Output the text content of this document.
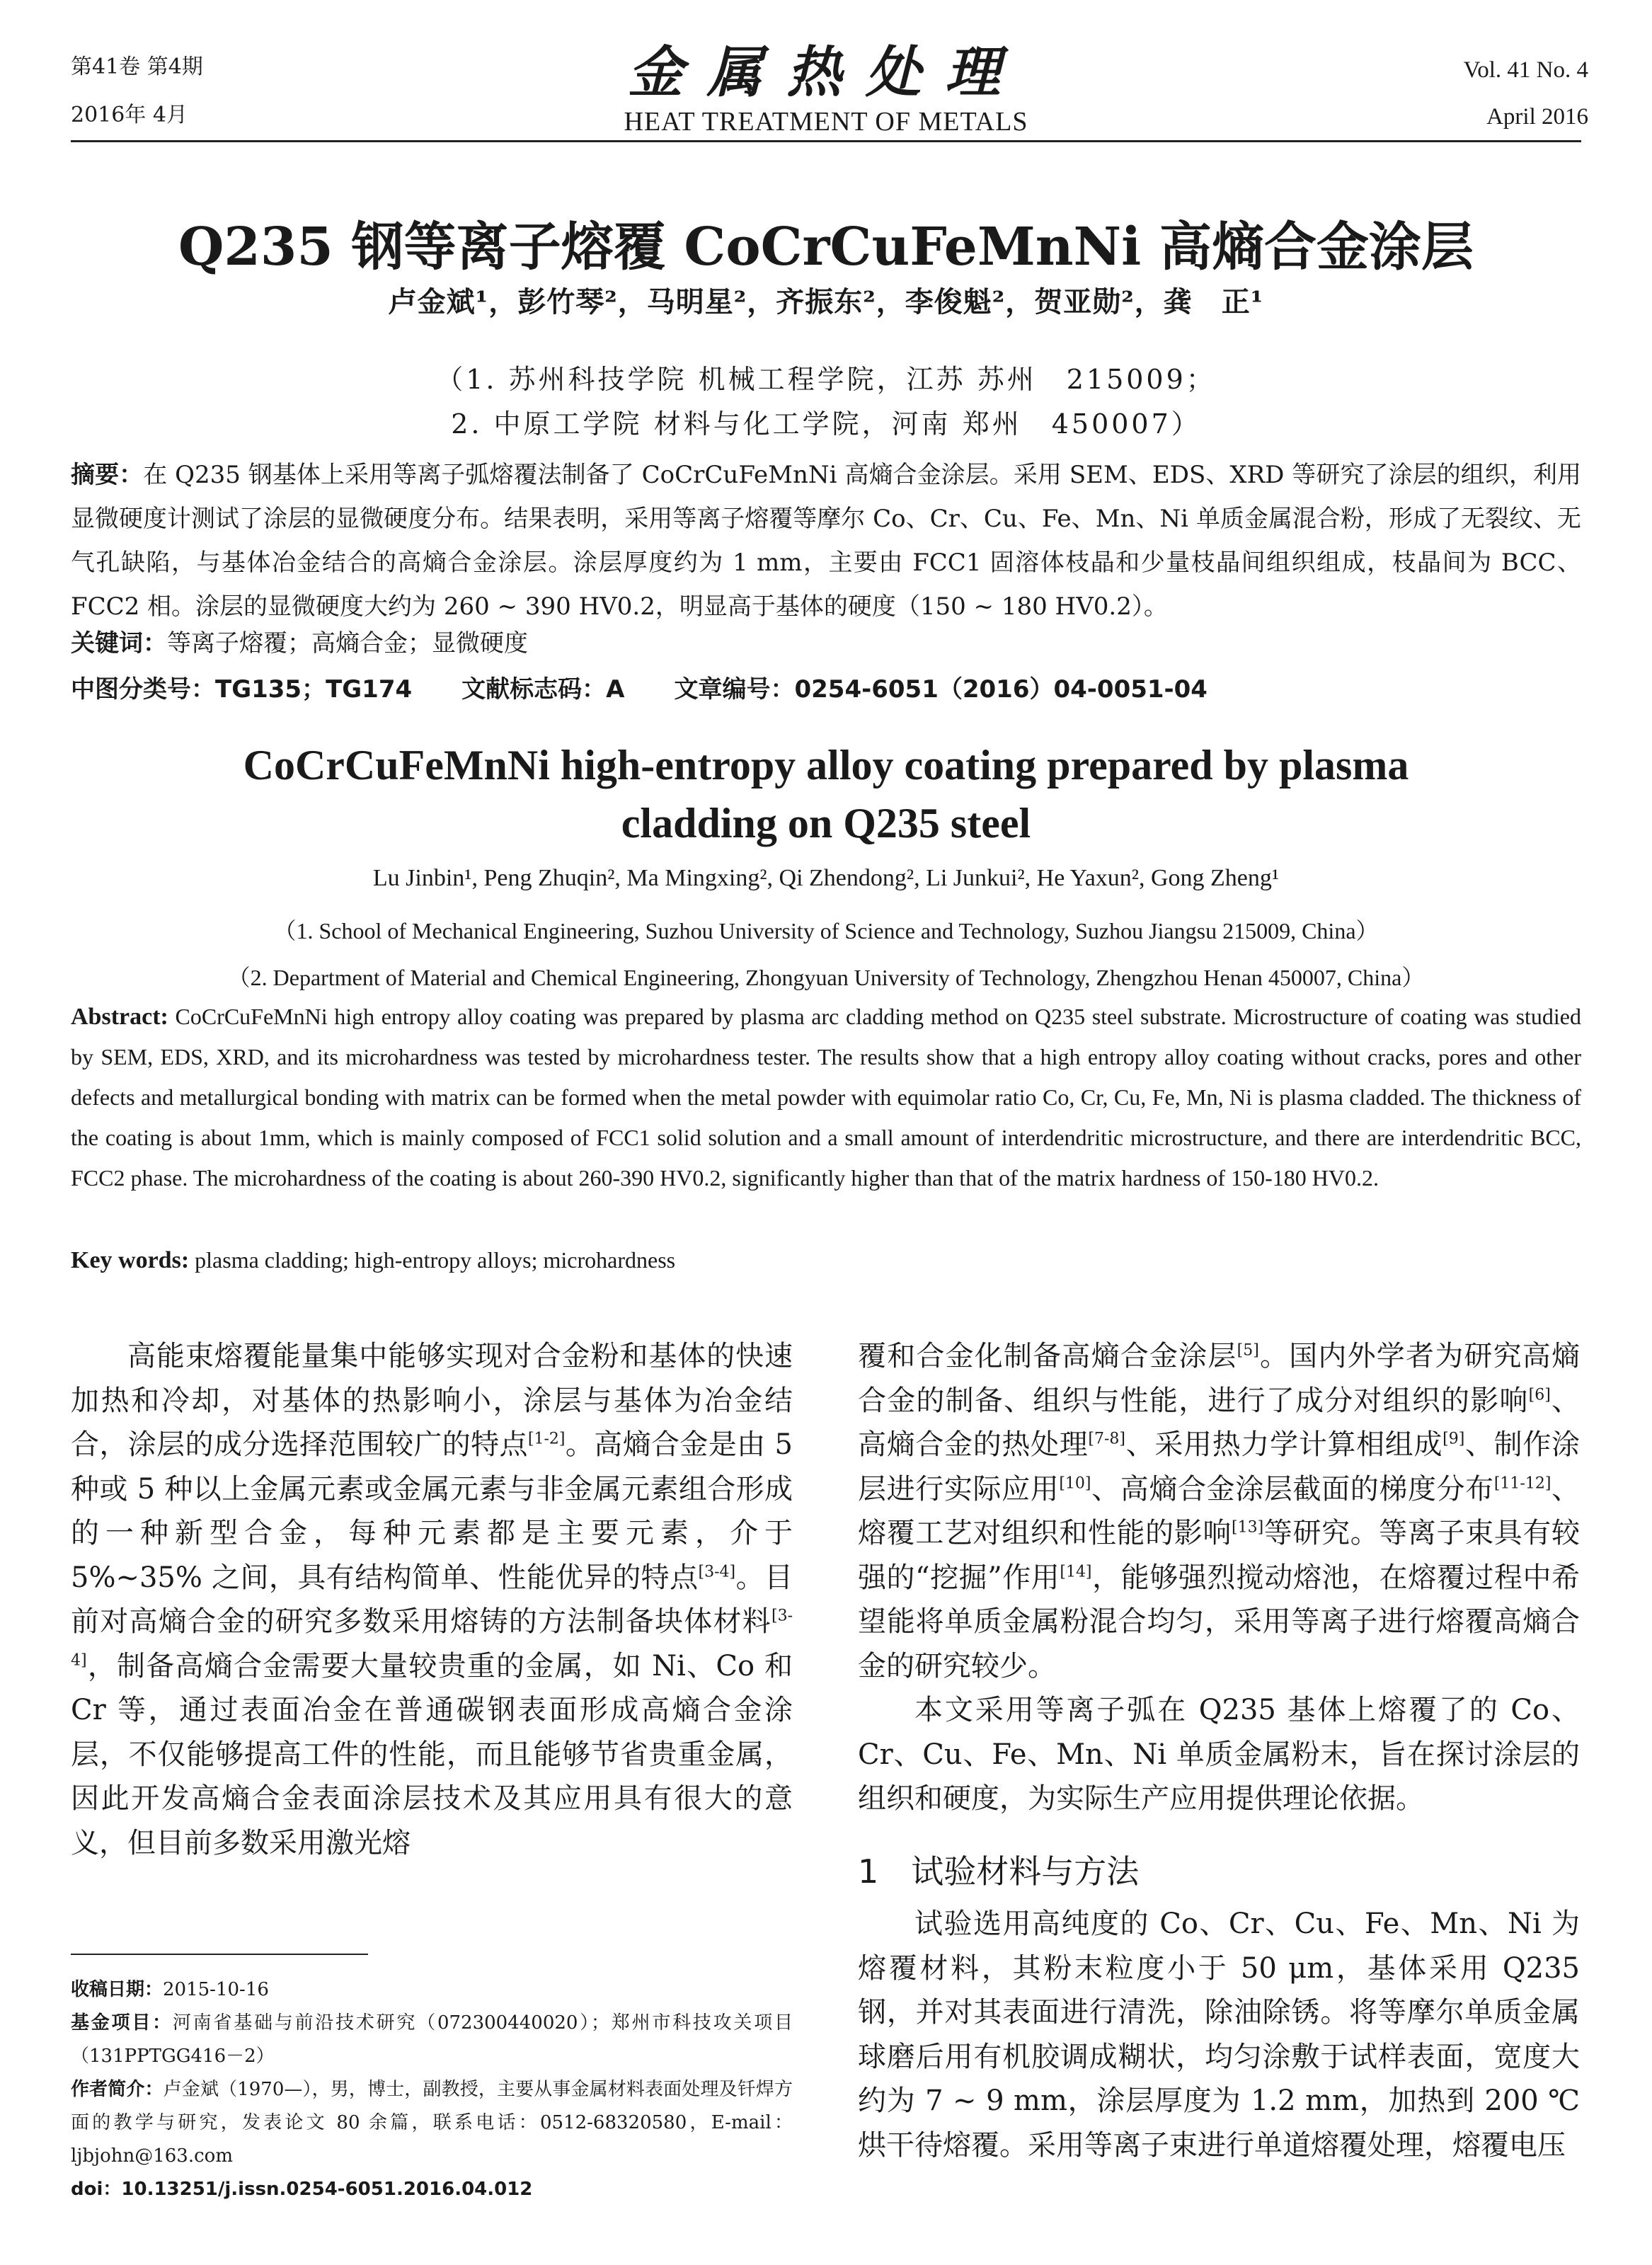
第41卷 第4期
2016年 4月
金属热处理
HEAT TREATMENT OF METALS
Vol. 41 No. 4
April 2016
Q235 钢等离子熔覆 CoCrCuFeMnNi 高熵合金涂层
卢金斌¹，彭竹琴²，马明星²，齐振东²，李俊魁²，贺亚勋²，龚　正¹
（1. 苏州科技学院 机械工程学院，江苏 苏州　215009；
2. 中原工学院 材料与化工学院，河南 郑州　450007）
摘要：在 Q235 钢基体上采用等离子弧熔覆法制备了 CoCrCuFeMnNi 高熵合金涂层。采用 SEM、EDS、XRD 等研究了涂层的组织，利用显微硬度计测试了涂层的显微硬度分布。结果表明，采用等离子熔覆等摩尔 Co、Cr、Cu、Fe、Mn、Ni 单质金属混合粉，形成了无裂纹、无气孔缺陷，与基体冶金结合的高熵合金涂层。涂层厚度约为 1 mm，主要由 FCC1 固溶体枝晶和少量枝晶间组织组成，枝晶间为 BCC、FCC2 相。涂层的显微硬度大约为 260 ~ 390 HV0.2，明显高于基体的硬度（150 ~ 180 HV0.2）。
关键词：等离子熔覆；高熵合金；显微硬度
中图分类号：TG135；TG174 文献标志码：A 文章编号：0254-6051（2016）04-0051-04
CoCrCuFeMnNi high-entropy alloy coating prepared by plasma
cladding on Q235 steel
Lu Jinbin¹, Peng Zhuqin², Ma Mingxing², Qi Zhendong², Li Junkui², He Yaxun², Gong Zheng¹
（1. School of Mechanical Engineering, Suzhou University of Science and Technology, Suzhou Jiangsu 215009, China）
（2. Department of Material and Chemical Engineering, Zhongyuan University of Technology, Zhengzhou Henan 450007, China）
Abstract: CoCrCuFeMnNi high entropy alloy coating was prepared by plasma arc cladding method on Q235 steel substrate. Microstructure of coating was studied by SEM, EDS, XRD, and its microhardness was tested by microhardness tester. The results show that a high entropy alloy coating without cracks, pores and other defects and metallurgical bonding with matrix can be formed when the metal powder with equimolar ratio Co, Cr, Cu, Fe, Mn, Ni is plasma cladded. The thickness of the coating is about 1mm, which is mainly composed of FCC1 solid solution and a small amount of interdendritic microstructure, and there are interdendritic BCC, FCC2 phase. The microhardness of the coating is about 260-390 HV0.2, significantly higher than that of the matrix hardness of 150-180 HV0.2.
Key words: plasma cladding; high-entropy alloys; microhardness

高能束熔覆能量集中能够实现对合金粉和基体的快速加热和冷却，对基体的热影响小，涂层与基体为冶金结合，涂层的成分选择范围较广的特点[1-2]。高熵合金是由 5 种或 5 种以上金属元素或金属元素与非金属元素组合形成的一种新型合金，每种元素都是主要元素，介于 5%~35% 之间，具有结构简单、性能优异的特点[3-4]。目前对高熵合金的研究多数采用熔铸的方法制备块体材料[3-4]，制备高熵合金需要大量较贵重的金属，如 Ni、Co 和 Cr 等，通过表面冶金在普通碳钢表面形成高熵合金涂层，不仅能够提高工件的性能，而且能够节省贵重金属，因此开发高熵合金表面涂层技术及其应用具有很大的意义，但目前多数采用激光熔

收稿日期：2015-10-16

基金项目：河南省基础与前沿技术研究（072300440020）；郑州市科技攻关项目（131PPTGG416－2）

作者简介：卢金斌（1970—），男，博士，副教授，主要从事金属材料表面处理及钎焊方面的教学与研究，发表论文 80 余篇，联系电话：0512-68320580，E-mail：ljbjohn@163.com

doi：10.13251/j.issn.0254-6051.2016.04.012

覆和合金化制备高熵合金涂层[5]。国内外学者为研究高熵合金的制备、组织与性能，进行了成分对组织的影响[6]、高熵合金的热处理[7-8]、采用热力学计算相组成[9]、制作涂层进行实际应用[10]、高熵合金涂层截面的梯度分布[11-12]、熔覆工艺对组织和性能的影响[13]等研究。等离子束具有较强的“挖掘”作用[14]，能够强烈搅动熔池，在熔覆过程中希望能将单质金属粉混合均匀，采用等离子进行熔覆高熵合金的研究较少。

本文采用等离子弧在 Q235 基体上熔覆了的 Co、Cr、Cu、Fe、Mn、Ni 单质金属粉末，旨在探讨涂层的组织和硬度，为实际生产应用提供理论依据。

1　试验材料与方法

试验选用高纯度的 Co、Cr、Cu、Fe、Mn、Ni 为熔覆材料，其粉末粒度小于 50 μm，基体采用 Q235 钢，并对其表面进行清洗，除油除锈。将等摩尔单质金属球磨后用有机胶调成糊状，均匀涂敷于试样表面，宽度大约为 7 ~ 9 mm，涂层厚度为 1.2 mm，加热到 200 ℃烘干待熔覆。采用等离子束进行单道熔覆处理，熔覆电压
